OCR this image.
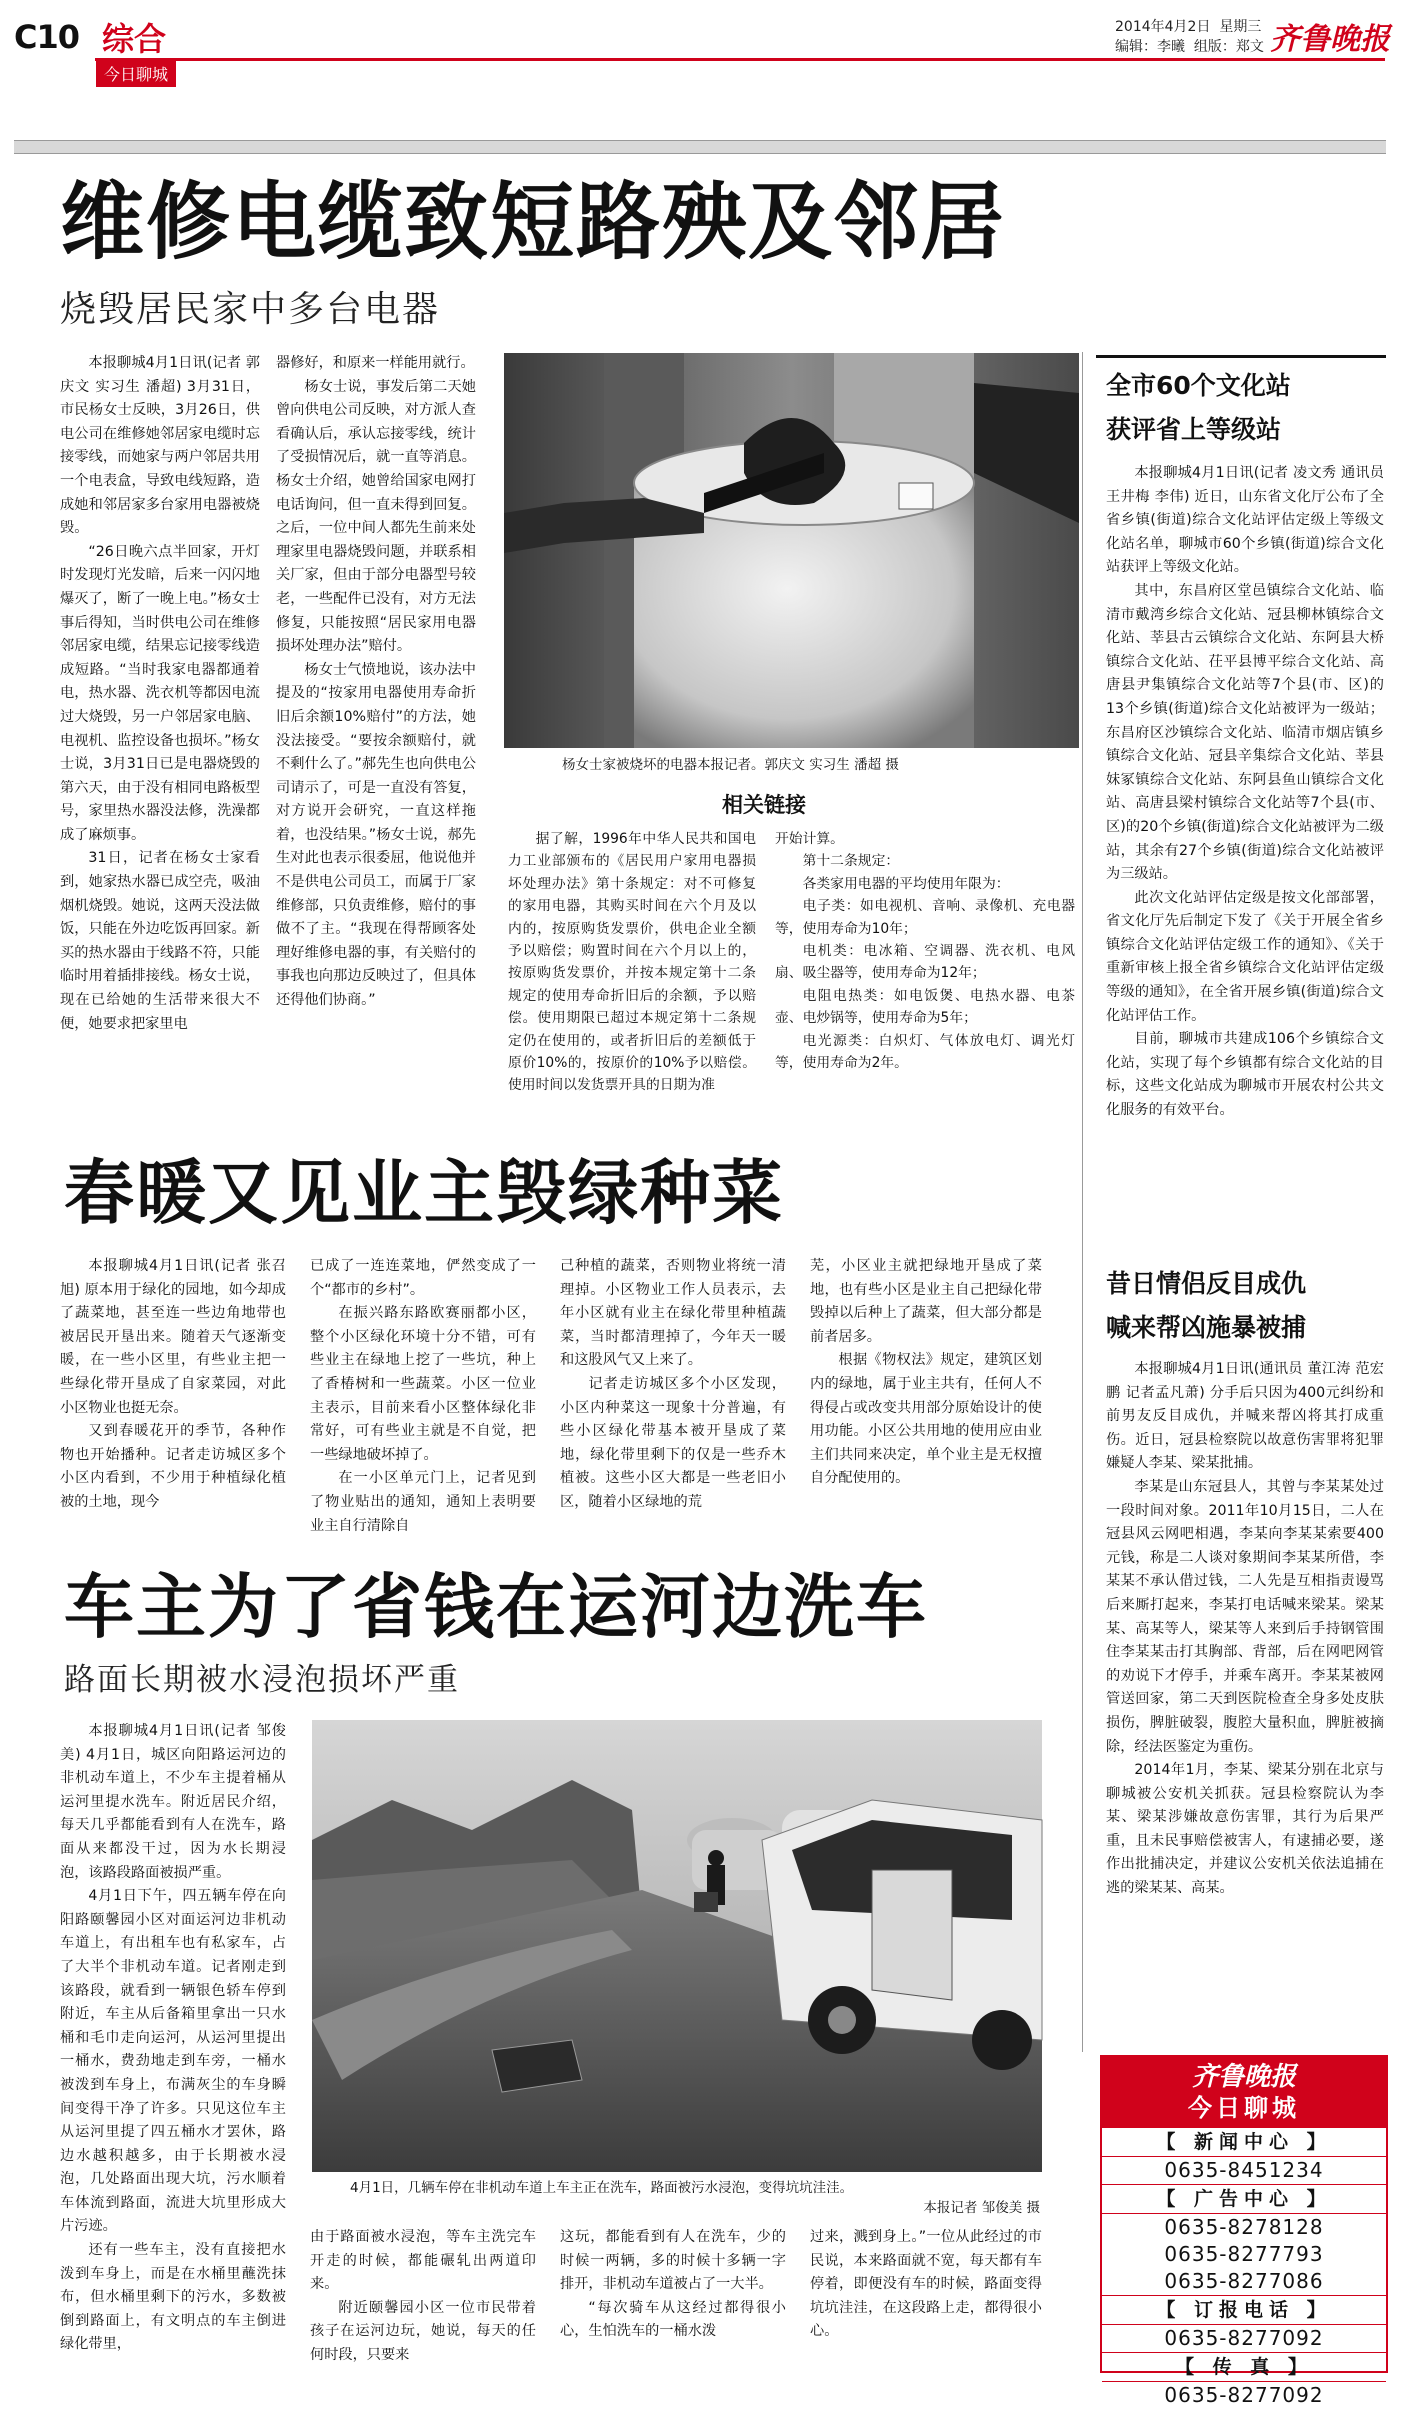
C10 综合
今日聊城
2014年4月2日 星期三
编辑：李曦 组版：郑文 齐鲁晚报
维修电缆致短路殃及邻居
烧毁居民家中多台电器

本报聊城4月1日讯(记者 郭庆文 实习生 潘超) 3月31日，市民杨女士反映，3月26日，供电公司在维修她邻居家电缆时忘接零线，而她家与两户邻居共用一个电表盒，导致电线短路，造成她和邻居家多台家用电器被烧毁。

“26日晚六点半回家，开灯时发现灯光发暗，后来一闪闪地爆灭了，断了一晚上电。”杨女士事后得知，当时供电公司在维修邻居家电缆，结果忘记接零线造成短路。“当时我家电器都通着电，热水器、洗衣机等都因电流过大烧毁，另一户邻居家电脑、电视机、监控设备也损坏。”杨女士说，3月31日已是电器烧毁的第六天，由于没有相同电路板型号，家里热水器没法修，洗澡都成了麻烦事。

31日，记者在杨女士家看到，她家热水器已成空壳，吸油烟机烧毁。她说，这两天没法做饭，只能在外边吃饭再回家。新买的热水器由于线路不符，只能临时用着插排接线。杨女士说，现在已给她的生活带来很大不便，她要求把家里电

器修好，和原来一样能用就行。

杨女士说，事发后第二天她曾向供电公司反映，对方派人查看确认后，承认忘接零线，统计了受损情况后，就一直等消息。杨女士介绍，她曾给国家电网打电话询问，但一直未得到回复。之后，一位中间人都先生前来处理家里电器烧毁问题，并联系相关厂家，但由于部分电器型号较老，一些配件已没有，对方无法修复，只能按照“居民家用电器损坏处理办法”赔付。

杨女士气愤地说，该办法中提及的“按家用电器使用寿命折旧后余额10%赔付”的方法，她没法接受。“要按余额赔付，就不剩什么了。”郝先生也向供电公司请示了，可是一直没有答复，对方说开会研究，一直这样拖着，也没结果。”杨女士说，郝先生对此也表示很委屈，他说他并不是供电公司员工，而属于厂家维修部，只负责维修，赔付的事做不了主。“我现在得帮顾客处理好维修电器的事，有关赔付的事我也向那边反映过了，但具体还得他们协商。”

杨女士家被烧坏的电器本报记者。郭庆文 实习生 潘超 摄
相关链接

据了解，1996年中华人民共和国电力工业部颁布的《居民用户家用电器损坏处理办法》第十条规定：对不可修复的家用电器，其购买时间在六个月及以内的，按原购货发票价，供电企业全额予以赔偿；购置时间在六个月以上的，按原购货发票价，并按本规定第十二条规定的使用寿命折旧后的余额，予以赔偿。使用期限已超过本规定第十二条规定仍在使用的，或者折旧后的差额低于原价10%的，按原价的10%予以赔偿。使用时间以发货票开具的日期为准

开始计算。

第十二条规定：

各类家用电器的平均使用年限为：

电子类：如电视机、音响、录像机、充电器等，使用寿命为10年；

电机类：电冰箱、空调器、洗衣机、电风扇、吸尘器等，使用寿命为12年；

电阻电热类：如电饭煲、电热水器、电茶壶、电炒锅等，使用寿命为5年；

电光源类：白炽灯、气体放电灯、调光灯等，使用寿命为2年。

春暖又见业主毁绿种菜

本报聊城4月1日讯(记者 张召旭) 原本用于绿化的园地，如今却成了蔬菜地，甚至连一些边角地带也被居民开垦出来。随着天气逐渐变暖，在一些小区里，有些业主把一些绿化带开垦成了自家菜园，对此小区物业也挺无奈。

又到春暖花开的季节，各种作物也开始播种。记者走访城区多个小区内看到，不少用于种植绿化植被的土地，现今

已成了一连连菜地，俨然变成了一个“都市的乡村”。

在振兴路东路欧赛丽都小区，整个小区绿化环境十分不错，可有些业主在绿地上挖了一些坑，种上了香椿树和一些蔬菜。小区一位业主表示，目前来看小区整体绿化非常好，可有些业主就是不自觉，把一些绿地破坏掉了。

在一小区单元门上，记者见到了物业贴出的通知，通知上表明要业主自行清除自

己种植的蔬菜，否则物业将统一清理掉。小区物业工作人员表示，去年小区就有业主在绿化带里种植蔬菜，当时都清理掉了，今年天一暖和这股风气又上来了。

记者走访城区多个小区发现，小区内种菜这一现象十分普遍，有些小区绿化带基本被开垦成了菜地，绿化带里剩下的仅是一些乔木植被。这些小区大都是一些老旧小区，随着小区绿地的荒

芜，小区业主就把绿地开垦成了菜地，也有些小区是业主自己把绿化带毁掉以后种上了蔬菜，但大部分都是前者居多。

根据《物权法》规定，建筑区划内的绿地，属于业主共有，任何人不得侵占或改变共用部分原始设计的使用功能。小区公共用地的使用应由业主们共同来决定，单个业主是无权擅自分配使用的。

车主为了省钱在运河边洗车
路面长期被水浸泡损坏严重

本报聊城4月1日讯(记者 邹俊美) 4月1日，城区向阳路运河边的非机动车道上，不少车主提着桶从运河里提水洗车。附近居民介绍，每天几乎都能看到有人在洗车，路面从来都没干过，因为水长期浸泡，该路段路面被损严重。

4月1日下午，四五辆车停在向阳路颐馨园小区对面运河边非机动车道上，有出租车也有私家车，占了大半个非机动车道。记者刚走到该路段，就看到一辆银色轿车停到附近，车主从后备箱里拿出一只水桶和毛巾走向运河，从运河里提出一桶水，费劲地走到车旁，一桶水被泼到车身上，布满灰尘的车身瞬间变得干净了许多。只见这位车主从运河里提了四五桶水才罢休，路边水越积越多，由于长期被水浸泡，几处路面出现大坑，污水顺着车体流到路面，流进大坑里形成大片污迹。

还有一些车主，没有直接把水泼到车身上，而是在水桶里蘸洗抹布，但水桶里剩下的污水，多数被倒到路面上，有文明点的车主倒进绿化带里，

4月1日，几辆车停在非机动车道上车主正在洗车，路面被污水浸泡，变得坑坑洼洼。
本报记者 邹俊美 摄

由于路面被水浸泡，等车主洗完车开走的时候，都能碾轧出两道印来。

附近颐馨园小区一位市民带着孩子在运河边玩，她说，每天的任何时段，只要来

这玩，都能看到有人在洗车，少的时候一两辆，多的时候十多辆一字排开，非机动车道被占了一大半。

“每次骑车从这经过都得很小心，生怕洗车的一桶水泼

过来，溅到身上。”一位从此经过的市民说，本来路面就不宽，每天都有车停着，即便没有车的时候，路面变得坑坑洼洼，在这段路上走，都得很小心。

全市60个文化站
获评省上等级站

本报聊城4月1日讯(记者 凌文秀 通讯员 王井梅 李伟) 近日，山东省文化厅公布了全省乡镇(街道)综合文化站评估定级上等级文化站名单，聊城市60个乡镇(街道)综合文化站获评上等级文化站。

其中，东昌府区堂邑镇综合文化站、临清市戴湾乡综合文化站、冠县柳林镇综合文化站、莘县古云镇综合文化站、东阿县大桥镇综合文化站、茌平县博平综合文化站、高唐县尹集镇综合文化站等7个县(市、区)的13个乡镇(街道)综合文化站被评为一级站；东昌府区沙镇综合文化站、临清市烟店镇乡镇综合文化站、冠县辛集综合文化站、莘县妹冢镇综合文化站、东阿县鱼山镇综合文化站、高唐县梁村镇综合文化站等7个县(市、区)的20个乡镇(街道)综合文化站被评为二级站，其余有27个乡镇(街道)综合文化站被评为三级站。

此次文化站评估定级是按文化部部署，省文化厅先后制定下发了《关于开展全省乡镇综合文化站评估定级工作的通知》、《关于重新审核上报全省乡镇综合文化站评估定级等级的通知》，在全省开展乡镇(街道)综合文化站评估工作。

目前，聊城市共建成106个乡镇综合文化站，实现了每个乡镇都有综合文化站的目标，这些文化站成为聊城市开展农村公共文化服务的有效平台。

昔日情侣反目成仇
喊来帮凶施暴被捕

本报聊城4月1日讯(通讯员 董江涛 范宏鹏 记者孟凡萧) 分手后只因为400元纠纷和前男友反目成仇，并喊来帮凶将其打成重伤。近日，冠县检察院以故意伤害罪将犯罪嫌疑人李某、梁某批捕。

李某是山东冠县人，其曾与李某某处过一段时间对象。2011年10月15日，二人在冠县风云网吧相遇，李某向李某某索要400元钱，称是二人谈对象期间李某某所借，李某某不承认借过钱，二人先是互相指责谩骂后来厮打起来，李某打电话喊来梁某。梁某某、高某等人，梁某等人来到后手持钢管围住李某某击打其胸部、背部，后在网吧网管的劝说下才停手，并乘车离开。李某某被网管送回家，第二天到医院检查全身多处皮肤损伤，脾脏破裂，腹腔大量积血，脾脏被摘除，经法医鉴定为重伤。

2014年1月，李某、梁某分别在北京与聊城被公安机关抓获。冠县检察院认为李某、梁某涉嫌故意伤害罪，其行为后果严重，且未民事赔偿被害人，有逮捕必要，遂作出批捕决定，并建议公安机关依法追捕在逃的梁某某、高某。

齐鲁晚报
今日聊城
【 新闻中心 】
0635-8451234
【 广告中心 】
0635-8278128
0635-8277793
0635-8277086
【 订报电话 】
0635-8277092
【 传 真 】
0635-8277092
